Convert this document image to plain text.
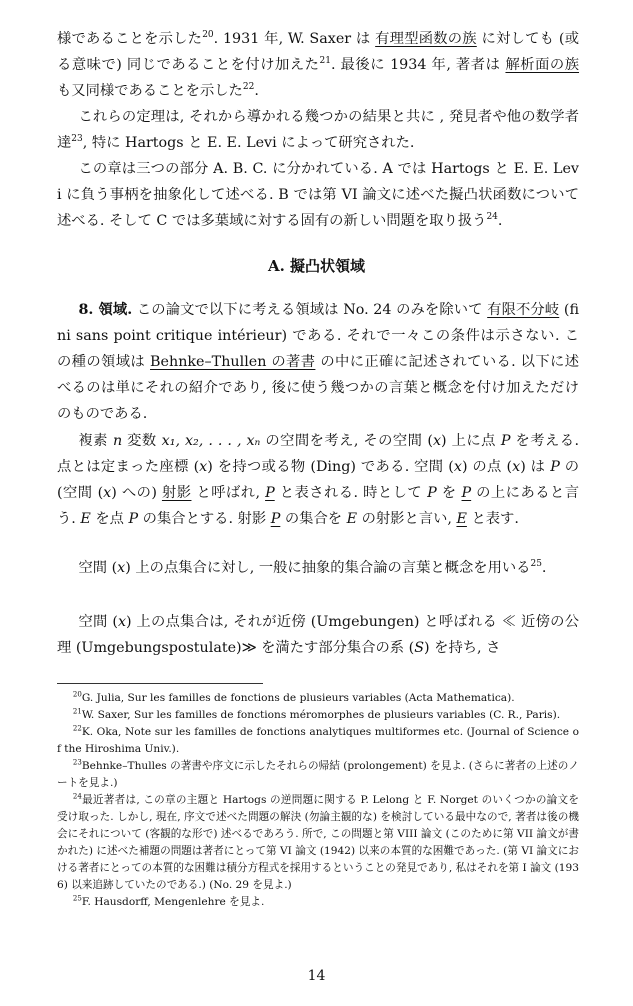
様であることを示した$^{20}$. 1931 年, W. Saxer は 有理型函数の族 に対しても (或る意味で) 同じであることを付け加えた$^{21}$. 最後に 1934 年, 著者は 解析面の族 も又同様であることを示した$^{22}$.

これらの定理は, それから導かれる幾つかの結果と共に , 発見者や他の数学者達$^{23}$, 特に Hartogs と E. E. Levi によって研究された.

この章は三つの部分 A. B. C. に分かれている. A では Hartogs と E. E. Levi に負う事柄を抽象化して述べる. B では第 VI 論文に述べた擬凸状函数について述べる. そして C では多葉域に対する固有の新しい問題を取り扱う$^{24}$.

A. 擬凸状領域

8. 領域. この論文で以下に考える領域は No. 24 のみを除いて 有限不分岐 (fini sans point critique intérieur) である. それで一々この条件は示さない. この種の領域は Behnke–Thullen の著書 の中に正確に記述されている. 以下に述べるのは単にそれの紹介であり, 後に使う幾つかの言葉と概念を付け加えただけのものである.

複素 n 変数 x₁, x₂, . . . , xₙ の空間を考え, その空間 (x) 上に点 P を考える. 点とは定まった座標 (x) を持つ或る物 (Ding) である. 空間 (x) の点 (x) は P の (空間 (x) への) 射影 と呼ばれ, P と表される. 時として P を P の上にあると言う. E を点 P の集合とする. 射影 P の集合を E の射影と言い, E と表す.

空間 (x) 上の点集合に対し, 一般に抽象的集合論の言葉と概念を用いる$^{25}$.

空間 (x) 上の点集合は, それが近傍 (Umgebungen) と呼ばれる ≪ 近傍の公理 (Umgebungspostulate)≫ を満たす部分集合の系 (S) を持ち, さ

$^{20}$G. Julia, Sur les familles de fonctions de plusieurs variables (Acta Mathematica).

$^{21}$W. Saxer, Sur les familles de fonctions méromorphes de plusieurs variables (C. R., Paris).

$^{22}$K. Oka, Note sur les familles de fonctions analytiques multiformes etc. (Journal of Science of the Hiroshima Univ.).

$^{23}$Behnke–Thulles の著書や序文に示したそれらの帰結 (prolongement) を見よ. (さらに著者の上述のノートを見よ.)

$^{24}$最近著者は, この章の主題と Hartogs の逆問題に関する P. Lelong と F. Norget のいくつかの論文を受け取った. しかし, 現在, 序文で述べた問題の解決 (勿論主観的な) を検討している最中なので, 著者は後の機会にそれについて (客観的な形で) 述べるであろう. 所で, この問題と第 VIII 論文 (このために第 VII 論文が書かれた) に述べた補題の問題は著者にとって第 VI 論文 (1942) 以来の本質的な困難であった. (第 VI 論文における著者にとっての本質的な困難は積分方程式を採用するということの発見であり, 私はそれを第 I 論文 (1936) 以来追跡していたのである.) (No. 29 を見よ.)

$^{25}$F. Hausdorff, Mengenlehre を見よ.

14
